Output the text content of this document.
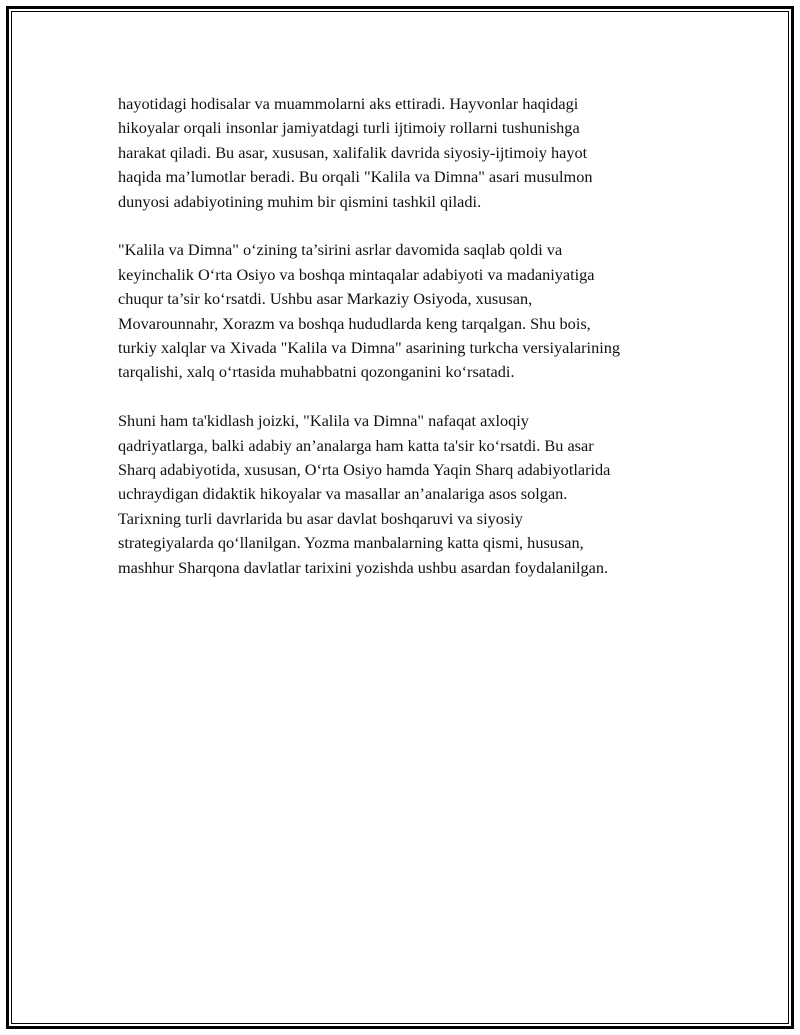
hayotidagi hodisalar va muammolarni aks ettiradi. Hayvonlar haqidagi
hikoyalar orqali insonlar jamiyatdagi turli ijtimoiy rollarni tushunishga
harakat qiladi. Bu asar, xususan, xalifalik davrida siyosiy-ijtimoiy hayot
haqida ma’lumotlar beradi. Bu orqali "Kalila va Dimna" asari musulmon
dunyosi adabiyotining muhim bir qismini tashkil qiladi.

"Kalila va Dimna" o‘zining ta’sirini asrlar davomida saqlab qoldi va
keyinchalik O‘rta Osiyo va boshqa mintaqalar adabiyoti va madaniyatiga
chuqur ta’sir ko‘rsatdi. Ushbu asar Markaziy Osiyoda, xususan,
Movarounnahr, Xorazm va boshqa hududlarda keng tarqalgan. Shu bois,
turkiy xalqlar va Xivada "Kalila va Dimna" asarining turkcha versiyalarining
tarqalishi, xalq o‘rtasida muhabbatni qozonganini ko‘rsatadi.

Shuni ham ta'kidlash joizki, "Kalila va Dimna" nafaqat axloqiy
qadriyatlarga, balki adabiy an’analarga ham katta ta'sir ko‘rsatdi. Bu asar
Sharq adabiyotida, xususan, O‘rta Osiyo hamda Yaqin Sharq adabiyotlarida
uchraydigan didaktik hikoyalar va masallar an’analariga asos solgan.
Tarixning turli davrlarida bu asar davlat boshqaruvi va siyosiy
strategiyalarda qo‘llanilgan. Yozma manbalarning katta qismi, hususan,
mashhur Sharqona davlatlar tarixini yozishda ushbu asardan foydalanilgan.
